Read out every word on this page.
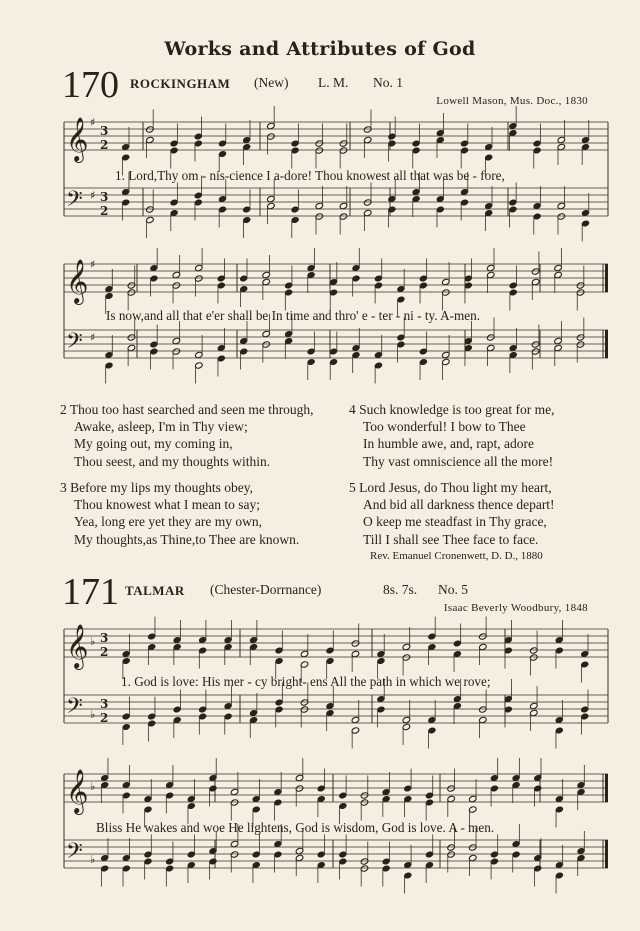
Works and Attributes of God
170 ROCKINGHAM (New) L. M. No. 1
Lowell Mason, Mus. Doc., 1830
𝄞
𝄢
♯
♯
3
2
3
2
1. Lord,Thy om - nis-cience I a-dore! Thou knowest all that was be - fore,
𝄞
𝄢
♯
♯
Is now,and all that e'er shall be In time and thro' e - ter - ni - ty. A-men.
2 Thou too hast searched and seen me through,
Awake, asleep, I'm in Thy view;
My going out, my coming in,
Thou seest, and my thoughts within.
3 Before my lips my thoughts obey,
Thou knowest what I mean to say;
Yea, long ere yet they are my own,
My thoughts,as Thine,to Thee are known.
4 Such knowledge is too great for me,
Too wonderful! I bow to Thee
In humble awe, and, rapt, adore
Thy vast omniscience all the more!
5 Lord Jesus, do Thou light my heart,
And bid all darkness thence depart!
O keep me steadfast in Thy grace,
Till I shall see Thee face to face.
Rev. Emanuel Cronenwett, D. D., 1880
171 TALMAR (Chester-Dorrnance)	8s. 7s. No. 5
Isaac Beverly Woodbury, 1848
𝄞
𝄢
♭
♭
3
2
3
2
1. God is love: His mer - cy bright- ens All the path in which we rove;
𝄞
𝄢
♭
♭
Bliss He wakes and woe He lightens, God is wisdom, God is love. A - men.
